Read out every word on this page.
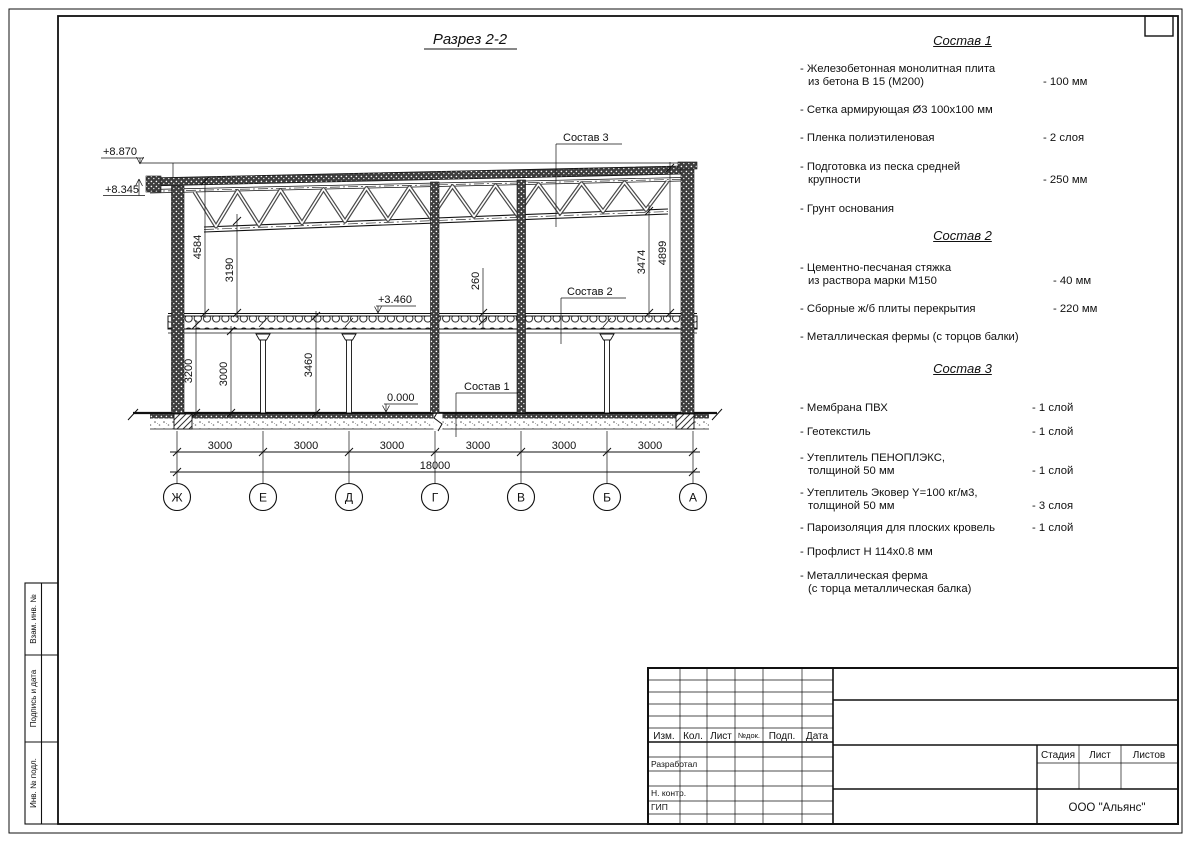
+8.870
+8.345
+3.460
0.000
4584
3190	3474 4899
3200 3000	3460
260
Состав 3
Состав 2
Состав 1
3000	3000	3000	3000	3000	3000
18000
Ж	Е	Д	Г	В	Б	А
Разрез 2-2
Изм. Кол. Лист №док. Подп. Дата
Разработал
Н. контр.
ГИП
Стадия Лист Листов
ООО "Альянс"
Взам. инв. №
Подпись и дата
Инв. № подл.
Состав 1
- Железобетонная монолитная плита
из бетона В 15 (М200)	- 100 мм
- Сетка армирующая Ø3 100х100 мм
- Пленка полиэтиленовая	- 2 слоя
- Подготовка из песка средней
крупности	- 250 мм
- Грунт основания
Состав 2
- Цементно-песчаная стяжка
из раствора марки М150	- 40 мм
- Сборные ж/б плиты перекрытия	- 220 мм
- Металлическая фермы (с торцов балки)
Состав 3
- Мембрана ПВХ	- 1 слой
- Геотекстиль	- 1 слой
- Утеплитель ПЕНОПЛЭКС,
толщиной 50 мм	- 1 слой
- Утеплитель Эковер Y=100 кг/м3,
толщиной 50 мм	- 3 слоя
- Пароизоляция для плоских кровель	- 1 слой
- Профлист Н 114х0.8 мм
- Металлическая ферма
(с торца металлическая балка)
